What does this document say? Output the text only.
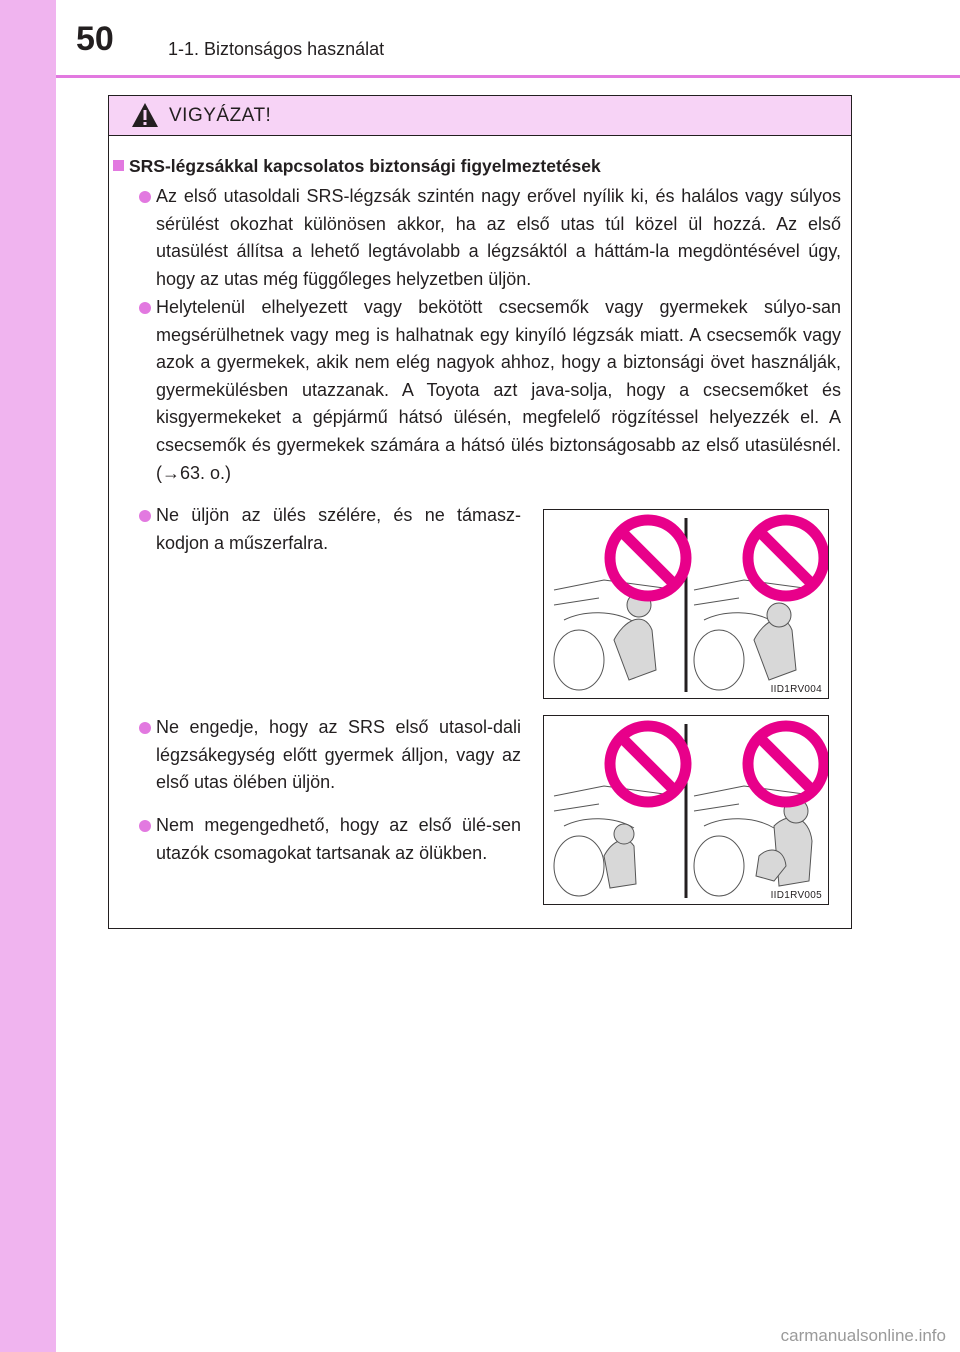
50	1-1. Biztonságos használat
VIGYÁZAT!
SRS-légzsákkal kapcsolatos biztonsági figyelmeztetések
Az első utasoldali SRS-légzsák szintén nagy erővel nyílik ki, és halálos vagy súlyos sérülést okozhat különösen akkor, ha az első utas túl közel ül hozzá. Az első utasülést állítsa a lehető legtávolabb a légzsáktól a háttám-la megdöntésével úgy, hogy az utas még függőleges helyzetben üljön.
Helytelenül elhelyezett vagy bekötött csecsemők vagy gyermekek súlyo-san megsérülhetnek vagy meg is halhatnak egy kinyíló légzsák miatt. A csecsemők vagy azok a gyermekek, akik nem elég nagyok ahhoz, hogy a biztonsági övet használják, gyermekülésben utazzanak. A Toyota azt java-solja, hogy a csecsemőket és kisgyermekeket a gépjármű hátsó ülésén, megfelelő rögzítéssel helyezzék el. A csecsemők és gyermekek számára a hátsó ülés biztonságosabb az első utasülésnél. (→63. o.)
Ne üljön az ülés szélére, és ne támasz-kodjon a műszerfalra.
Ne engedje, hogy az SRS első utasol-dali légzsákegység előtt gyermek álljon, vagy az első utas ölében üljön.
Nem megengedhető, hogy az első ülé-sen utazók csomagokat tartsanak az ölükben.
IID1RV004
IID1RV005
carmanualsonline.info
